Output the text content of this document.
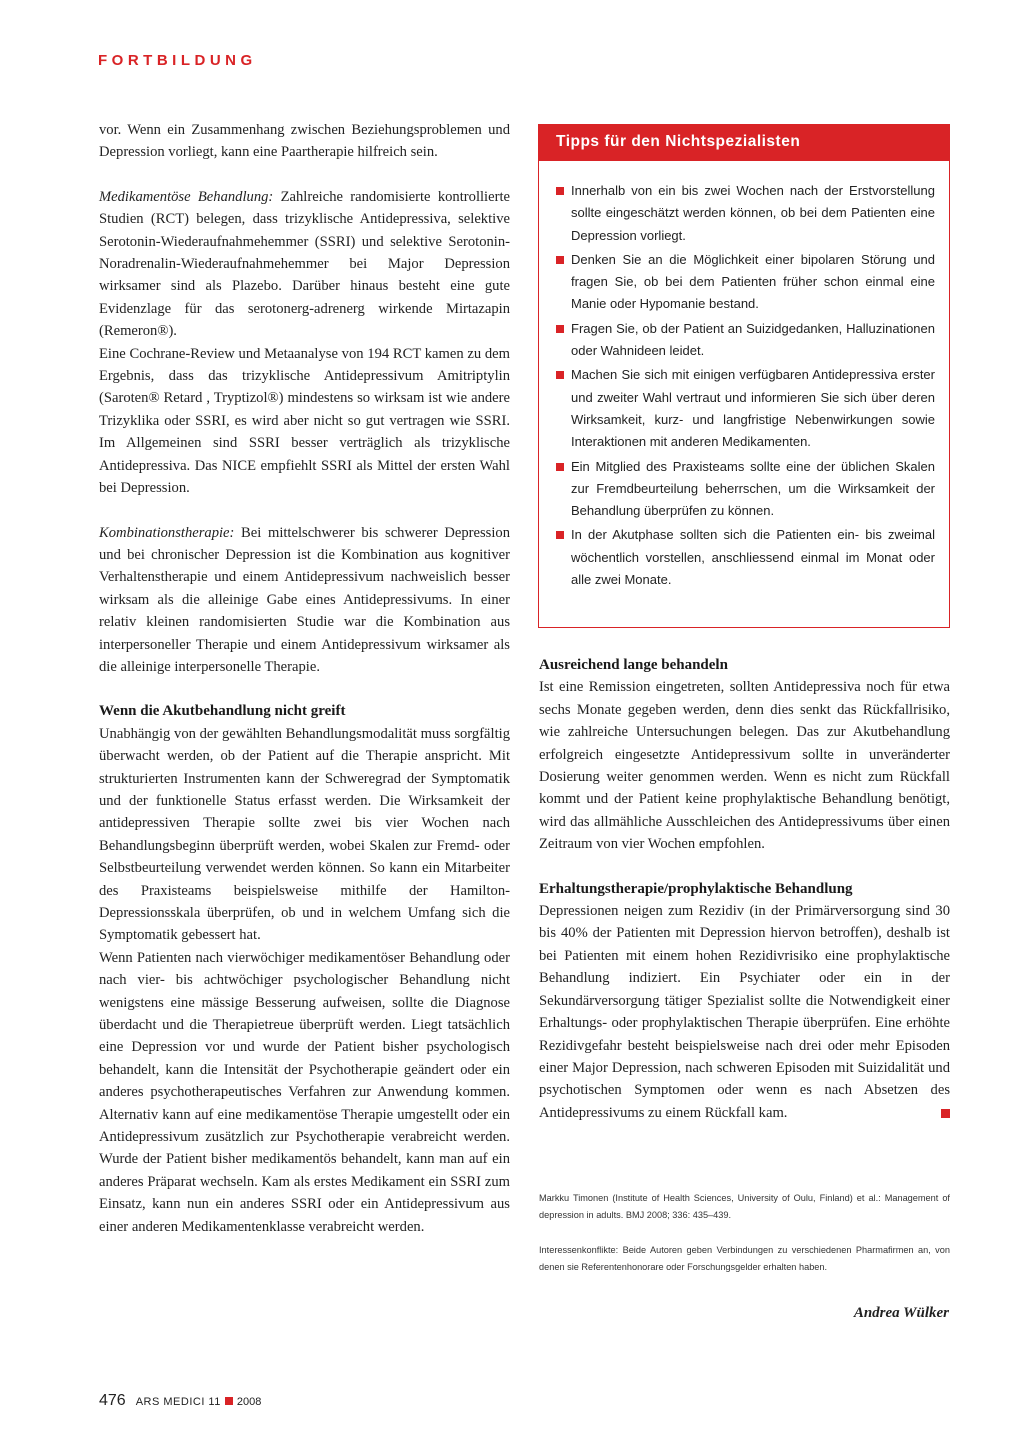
FORTBILDUNG

vor. Wenn ein Zusammenhang zwischen Beziehungsproblemen und Depression vorliegt, kann eine Paartherapie hilfreich sein.

Medikamentöse Behandlung: Zahlreiche randomisierte kontrollierte Studien (RCT) belegen, dass trizyklische Antidepressiva, selektive Serotonin-Wiederaufnahmehemmer (SSRI) und selektive Serotonin-Noradrenalin-Wiederaufnahmehemmer bei Major Depression wirksamer sind als Plazebo. Darüber hinaus besteht eine gute Evidenzlage für das serotonerg-adrenerg wirkende Mirtazapin (Remeron®).

Eine Cochrane-Review und Metaanalyse von 194 RCT kamen zu dem Ergebnis, dass das trizyklische Antidepressivum Amitriptylin (Saroten® Retard , Tryptizol®) mindestens so wirksam ist wie andere Trizyklika oder SSRI, es wird aber nicht so gut vertragen wie SSRI. Im Allgemeinen sind SSRI besser verträglich als trizyklische Antidepressiva. Das NICE empfiehlt SSRI als Mittel der ersten Wahl bei Depression.

Kombinationstherapie: Bei mittelschwerer bis schwerer Depression und bei chronischer Depression ist die Kombination aus kognitiver Verhaltenstherapie und einem Antidepressivum nachweislich besser wirksam als die alleinige Gabe eines Antidepressivums. In einer relativ kleinen randomisierten Studie war die Kombination aus interpersoneller Therapie und einem Antidepressivum wirksamer als die alleinige interpersonelle Therapie.

Wenn die Akutbehandlung nicht greift

Unabhängig von der gewählten Behandlungsmodalität muss sorgfältig überwacht werden, ob der Patient auf die Therapie anspricht. Mit strukturierten Instrumenten kann der Schweregrad der Symptomatik und der funktionelle Status erfasst werden. Die Wirksamkeit der antidepressiven Therapie sollte zwei bis vier Wochen nach Behandlungsbeginn überprüft werden, wobei Skalen zur Fremd- oder Selbstbeurteilung verwendet werden können. So kann ein Mitarbeiter des Praxisteams beispielsweise mithilfe der Hamilton-Depressionsskala überprüfen, ob und in welchem Umfang sich die Symptomatik gebessert hat.

Wenn Patienten nach vierwöchiger medikamentöser Behandlung oder nach vier- bis achtwöchiger psychologischer Behandlung nicht wenigstens eine mässige Besserung aufweisen, sollte die Diagnose überdacht und die Therapietreue überprüft werden. Liegt tatsächlich eine Depression vor und wurde der Patient bisher psychologisch behandelt, kann die Intensität der Psychotherapie geändert oder ein anderes psychotherapeutisches Verfahren zur Anwendung kommen. Alternativ kann auf eine medikamentöse Therapie umgestellt oder ein Antidepressivum zusätzlich zur Psychotherapie verabreicht werden. Wurde der Patient bisher medikamentös behandelt, kann man auf ein anderes Präparat wechseln. Kam als erstes Medikament ein SSRI zum Einsatz, kann nun ein anderes SSRI oder ein Antidepressivum aus einer anderen Medikamentenklasse verabreicht werden.

Tipps für den Nichtspezialisten
Innerhalb von ein bis zwei Wochen nach der Erstvorstellung sollte eingeschätzt werden können, ob bei dem Patienten eine Depression vorliegt.
Denken Sie an die Möglichkeit einer bipolaren Störung und fragen Sie, ob bei dem Patienten früher schon einmal eine Manie oder Hypomanie bestand.
Fragen Sie, ob der Patient an Suizidgedanken, Halluzinationen oder Wahnideen leidet.
Machen Sie sich mit einigen verfügbaren Antidepressiva erster und zweiter Wahl vertraut und informieren Sie sich über deren Wirksamkeit, kurz- und langfristige Nebenwirkungen sowie Interaktionen mit anderen Medikamenten.
Ein Mitglied des Praxisteams sollte eine der üblichen Skalen zur Fremdbeurteilung beherrschen, um die Wirksamkeit der Behandlung überprüfen zu können.
In der Akutphase sollten sich die Patienten ein- bis zweimal wöchentlich vorstellen, anschliessend einmal im Monat oder alle zwei Monate.
Ausreichend lange behandeln

Ist eine Remission eingetreten, sollten Antidepressiva noch für etwa sechs Monate gegeben werden, denn dies senkt das Rückfallrisiko, wie zahlreiche Untersuchungen belegen. Das zur Akutbehandlung erfolgreich eingesetzte Antidepressivum sollte in unveränderter Dosierung weiter genommen werden. Wenn es nicht zum Rückfall kommt und der Patient keine prophylaktische Behandlung benötigt, wird das allmähliche Ausschleichen des Antidepressivums über einen Zeitraum von vier Wochen empfohlen.

Erhaltungstherapie/prophylaktische Behandlung

Depressionen neigen zum Rezidiv (in der Primärversorgung sind 30 bis 40% der Patienten mit Depression hiervon betroffen), deshalb ist bei Patienten mit einem hohen Rezidivrisiko eine prophylaktische Behandlung indiziert. Ein Psychiater oder ein in der Sekundärversorgung tätiger Spezialist sollte die Notwendigkeit einer Erhaltungs- oder prophylaktischen Therapie überprüfen. Eine erhöhte Rezidivgefahr besteht beispielsweise nach drei oder mehr Episoden einer Major Depression, nach schweren Episoden mit Suizidalität und psychotischen Symptomen oder wenn es nach Absetzen des Antidepressivums zu einem Rückfall kam.

Markku Timonen (Institute of Health Sciences, University of Oulu, Finland) et al.: Management of depression in adults. BMJ 2008; 336: 435–439.
Interessenkonflikte: Beide Autoren geben Verbindungen zu verschiedenen Pharmafirmen an, von denen sie Referentenhonorare oder Forschungsgelder erhalten haben.
Andrea Wülker
476 ARS MEDICI 11 2008
